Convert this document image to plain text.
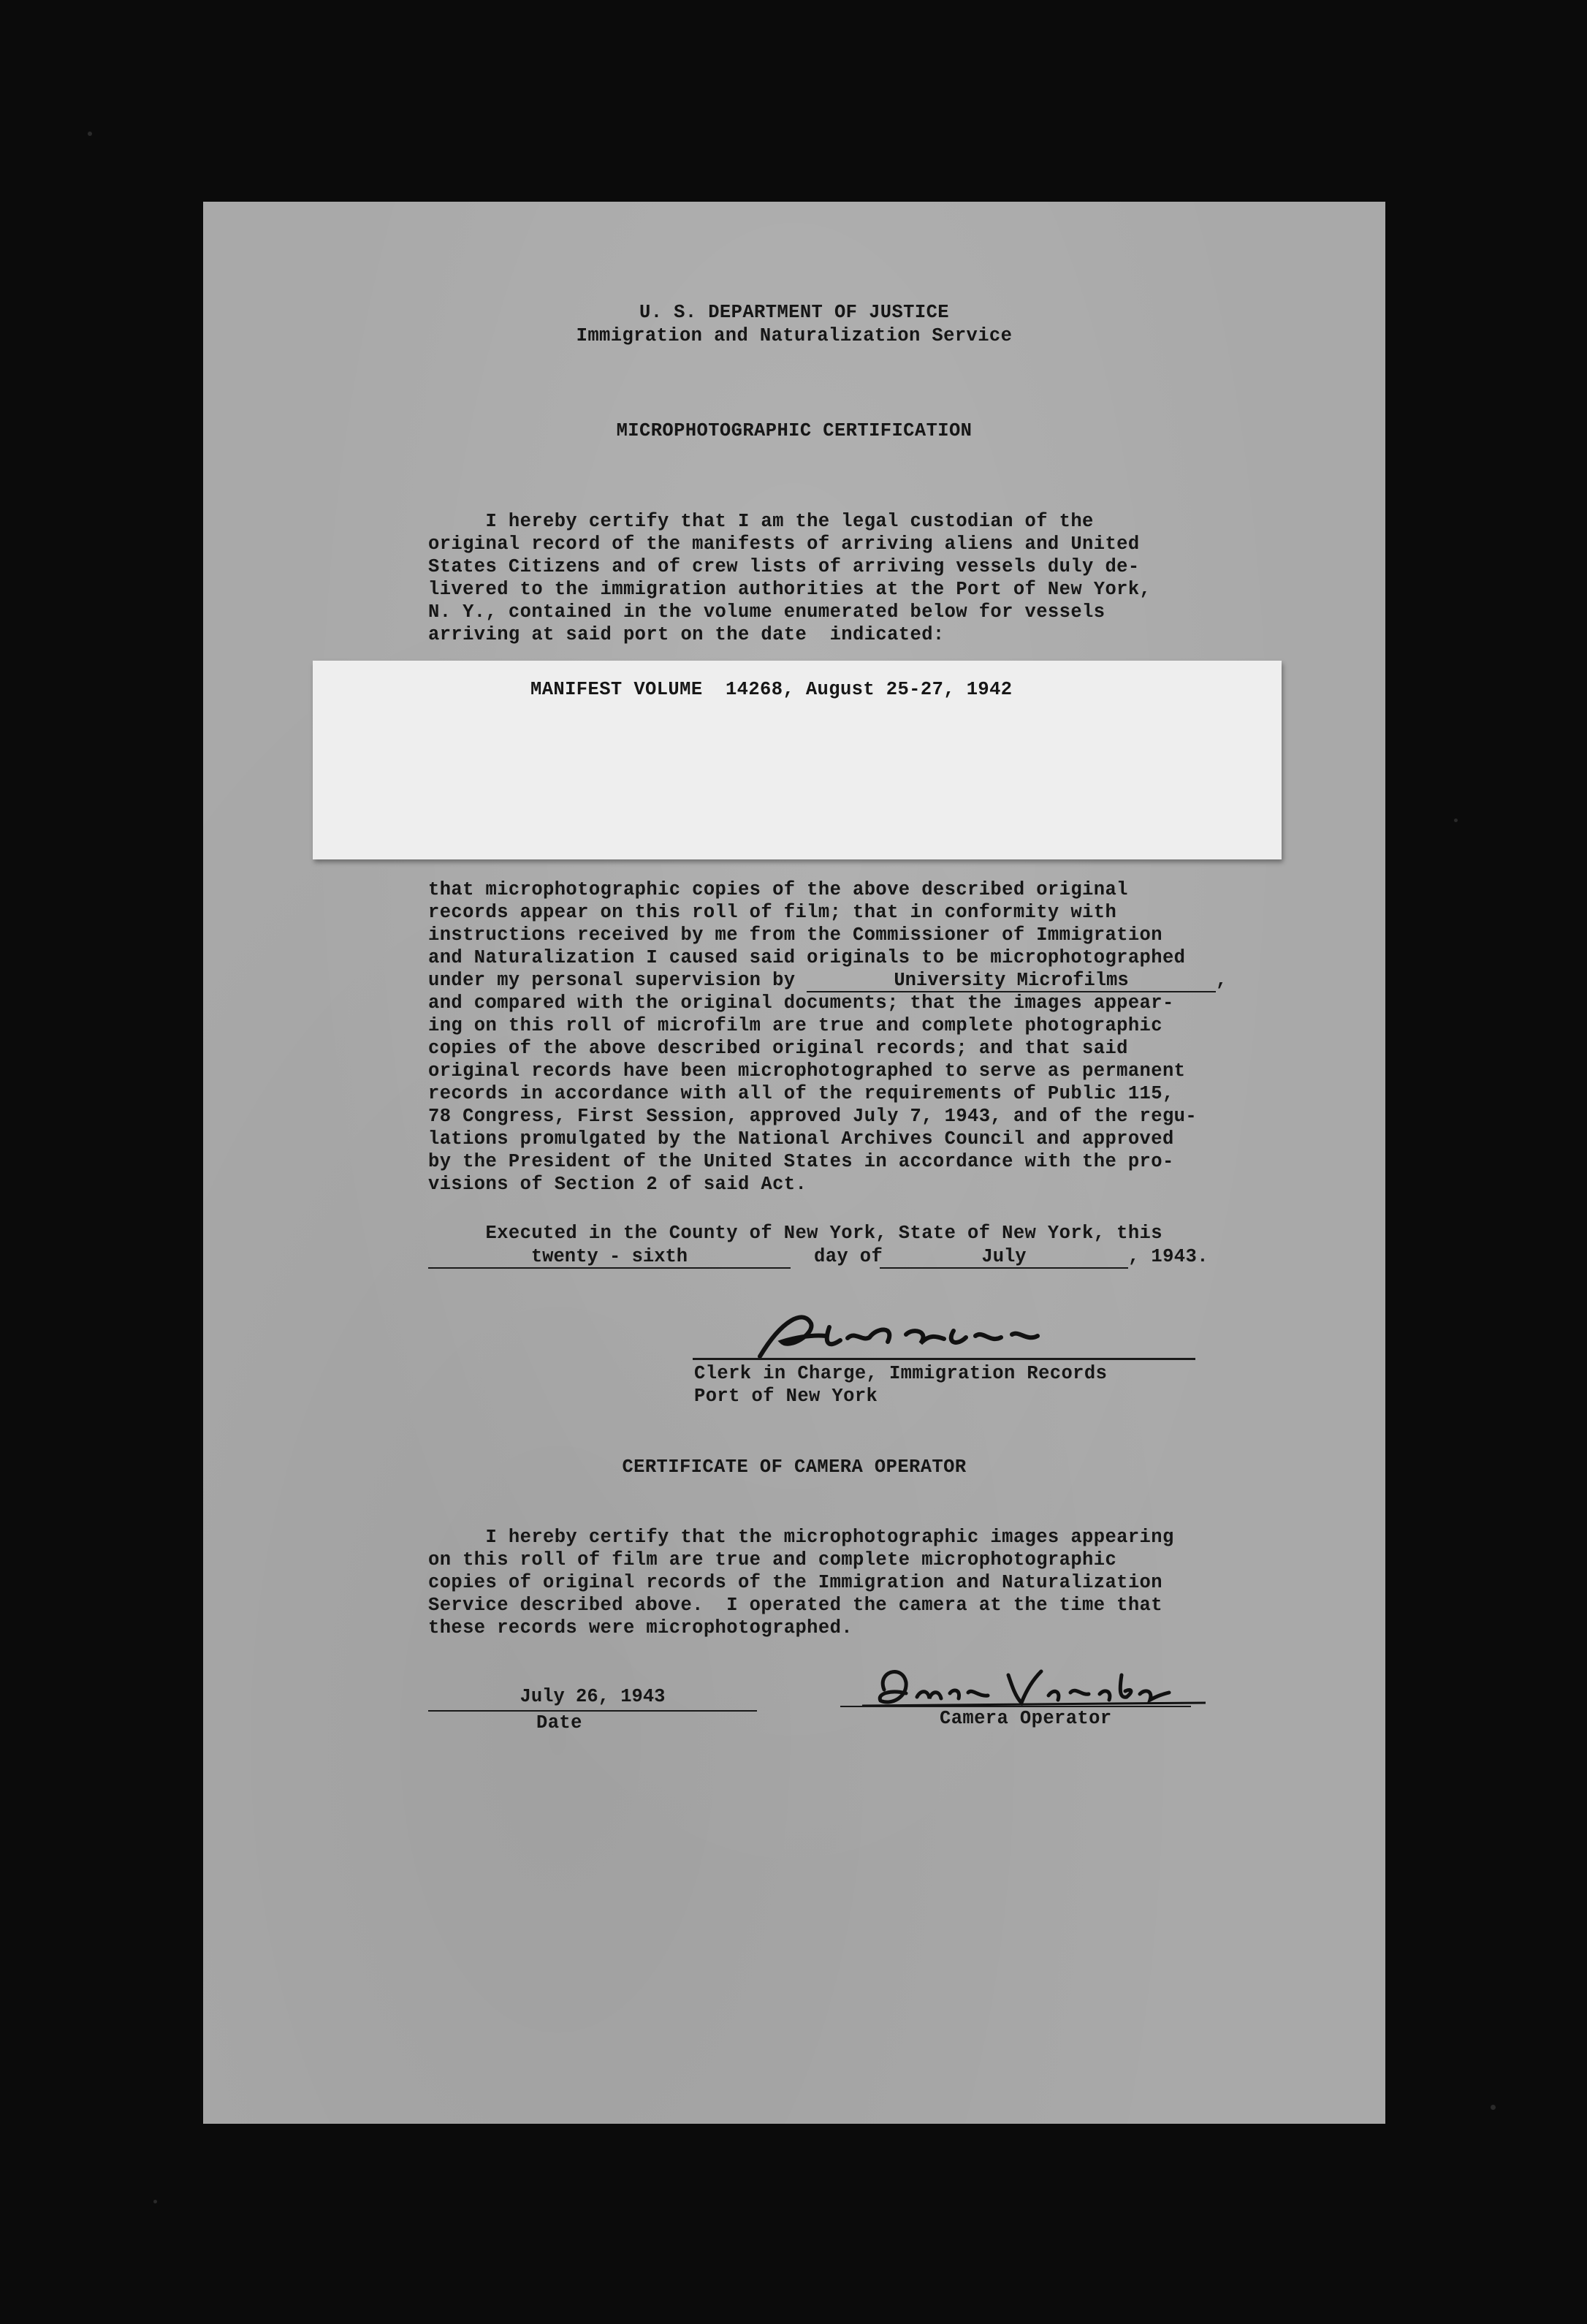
U. S. DEPARTMENT OF JUSTICE
Immigration and Naturalization Service
MICROPHOTOGRAPHIC CERTIFICATION
I hereby certify that I am the legal custodian of the
original record of the manifests of arriving aliens and United
States Citizens and of crew lists of arriving vessels duly de-
livered to the immigration authorities at the Port of New York,
N. Y., contained in the volume enumerated below for vessels
arriving at said port on the date  indicated:
MANIFEST VOLUME  14268, August 25-27, 1942
that microphotographic copies of the above described original
records appear on this roll of film; that in conformity with
instructions received by me from the Commissioner of Immigration
and Naturalization I caused said originals to be microphotographed
under my personal supervision by	University Microfilms	,
and compared with the original documents; that the images appear-
ing on this roll of microfilm are true and complete photographic
copies of the above described original records; and that said
original records have been microphotographed to serve as permanent
records in accordance with all of the requirements of Public 115,
78 Congress, First Session, approved July 7, 1943, and of the regu-
lations promulgated by the National Archives Council and approved
by the President of the United States in accordance with the pro-
visions of Section 2 of said Act.
Executed in the County of New York, State of New York, this
twenty - sixth	day of	July	, 1943.
Clerk in Charge, Immigration Records
Port of New York
CERTIFICATE OF CAMERA OPERATOR
I hereby certify that the microphotographic images appearing
on this roll of film are true and complete microphotographic
copies of original records of the Immigration and Naturalization
Service described above.  I operated the camera at the time that
these records were microphotographed.
July 26, 1943
Date	Camera Operator
